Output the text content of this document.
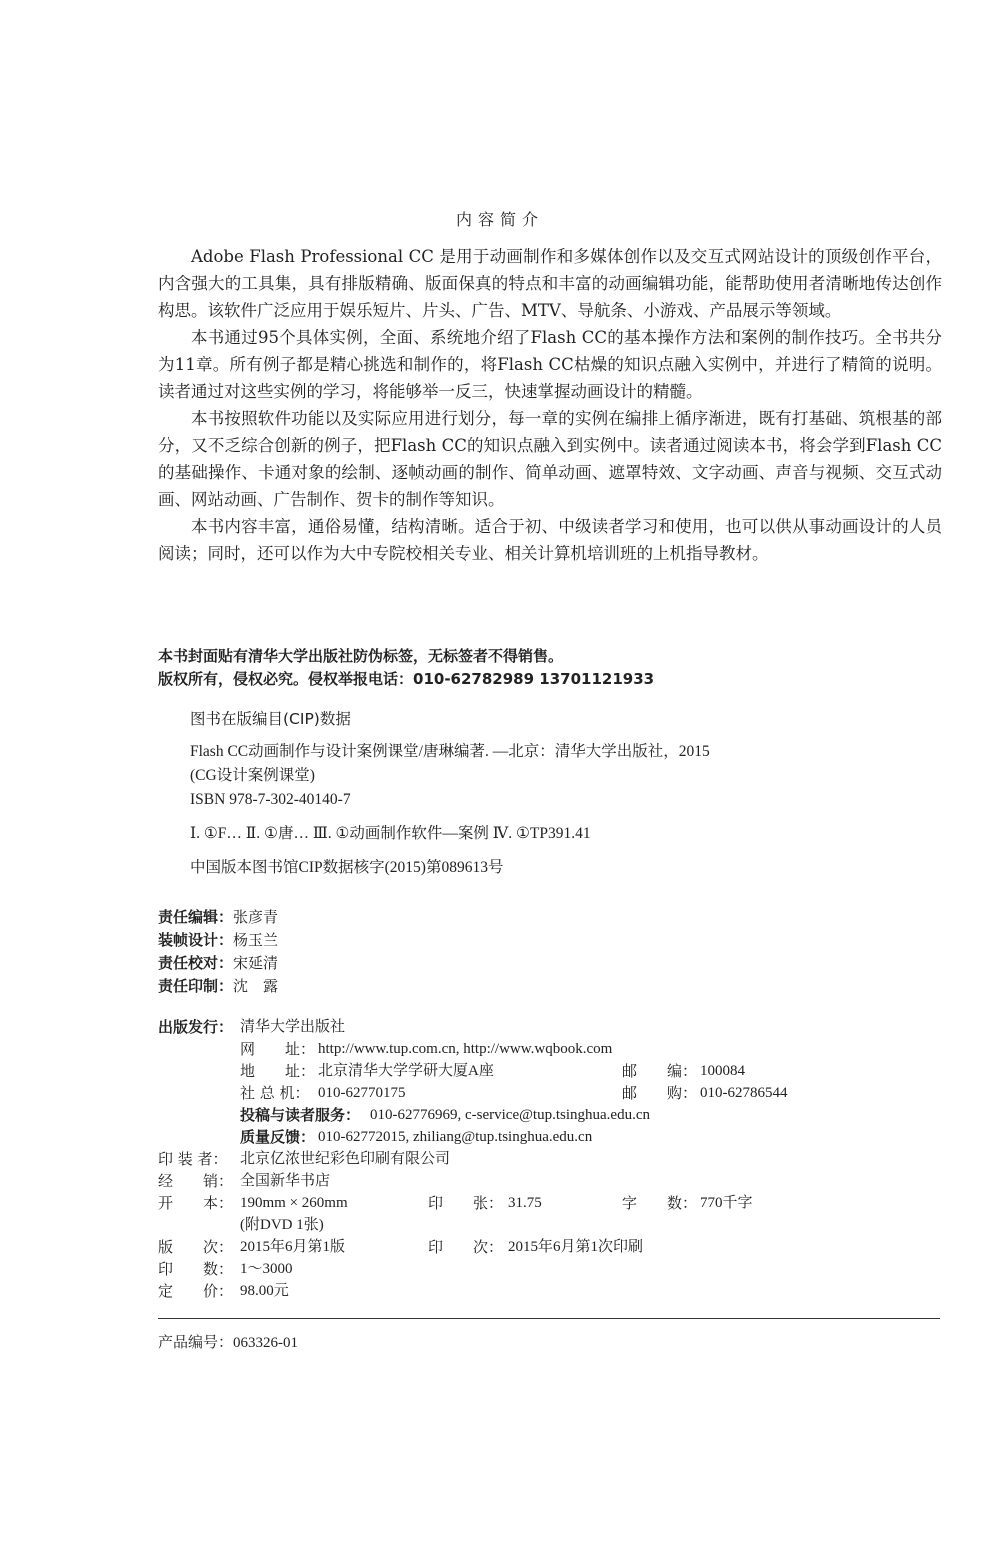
内容简介

Adobe Flash Professional CC 是用于动画制作和多媒体创作以及交互式网站设计的顶级创作平台，内含强大的工具集，具有排版精确、版面保真的特点和丰富的动画编辑功能，能帮助使用者清晰地传达创作构思。该软件广泛应用于娱乐短片、片头、广告、MTV、导航条、小游戏、产品展示等领域。

本书通过95个具体实例，全面、系统地介绍了Flash CC的基本操作方法和案例的制作技巧。全书共分为11章。所有例子都是精心挑选和制作的，将Flash CC枯燥的知识点融入实例中，并进行了精简的说明。读者通过对这些实例的学习，将能够举一反三，快速掌握动画设计的精髓。

本书按照软件功能以及实际应用进行划分，每一章的实例在编排上循序渐进，既有打基础、筑根基的部分，又不乏综合创新的例子，把Flash CC的知识点融入到实例中。读者通过阅读本书，将会学到Flash CC的基础操作、卡通对象的绘制、逐帧动画的制作、简单动画、遮罩特效、文字动画、声音与视频、交互式动画、网站动画、广告制作、贺卡的制作等知识。

本书内容丰富，通俗易懂，结构清晰。适合于初、中级读者学习和使用，也可以供从事动画设计的人员阅读；同时，还可以作为大中专院校相关专业、相关计算机培训班的上机指导教材。

本书封面贴有清华大学出版社防伪标签，无标签者不得销售。
版权所有，侵权必究。侵权举报电话：010-62782989 13701121933
图书在版编目(CIP)数据
Flash CC动画制作与设计案例课堂/唐琳编著. —北京：清华大学出版社，2015
(CG设计案例课堂)
ISBN 978-7-302-40140-7
Ⅰ. ①F… Ⅱ. ①唐… Ⅲ. ①动画制作软件—案例 Ⅳ. ①TP391.41
中国版本图书馆CIP数据核字(2015)第089613号
责任编辑：张彦青
装帧设计：杨玉兰
责任校对：宋延清
责任印制：沈　露
出版发行： 清华大学出版社
网　　址： http://www.tup.com.cn, http://www.wqbook.com
地　　址： 北京清华大学学研大厦A座	邮　　编： 100084
社 总 机： 010-62770175	邮　　购： 010-62786544
投稿与读者服务： 010-62776969, c-service@tup.tsinghua.edu.cn
质量反馈： 010-62772015, zhiliang@tup.tsinghua.edu.cn
印 装 者： 北京亿浓世纪彩色印刷有限公司
经　　销： 全国新华书店
开　　本： 190mm × 260mm	印　　张： 31.75	字　　数： 770千字
(附DVD 1张)
版　　次： 2015年6月第1版	印　　次： 2015年6月第1次印刷
印　　数： 1～3000
定　　价： 98.00元
产品编号：063326-01
